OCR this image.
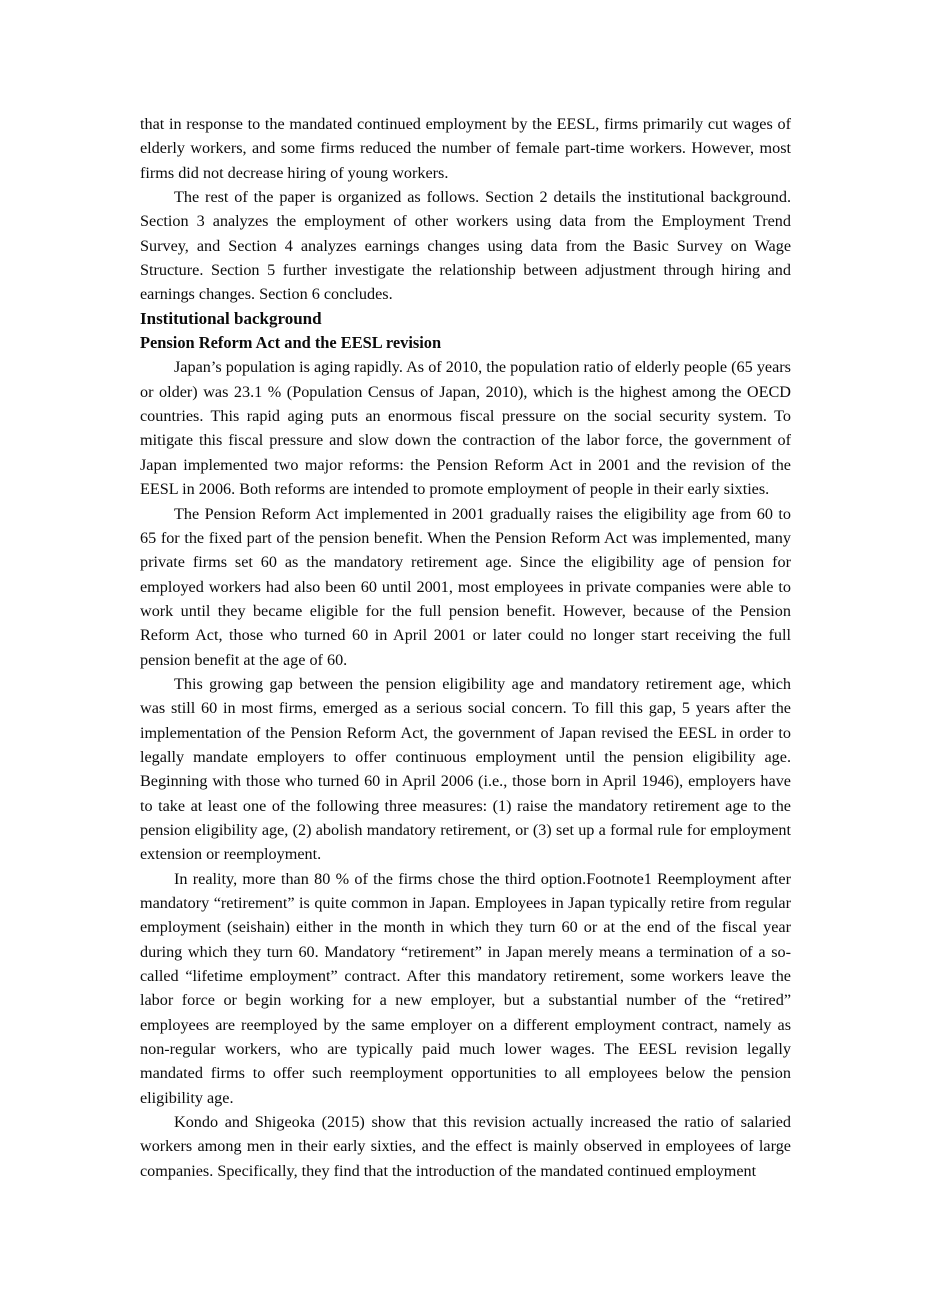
that in response to the mandated continued employment by the EESL, firms primarily cut wages of elderly workers, and some firms reduced the number of female part-time workers. However, most firms did not decrease hiring of young workers.

The rest of the paper is organized as follows. Section 2 details the institutional background. Section 3 analyzes the employment of other workers using data from the Employment Trend Survey, and Section 4 analyzes earnings changes using data from the Basic Survey on Wage Structure. Section 5 further investigate the relationship between adjustment through hiring and earnings changes. Section 6 concludes.

Institutional background
Pension Reform Act and the EESL revision

Japan’s population is aging rapidly. As of 2010, the population ratio of elderly people (65 years or older) was 23.1 % (Population Census of Japan, 2010), which is the highest among the OECD countries. This rapid aging puts an enormous fiscal pressure on the social security system. To mitigate this fiscal pressure and slow down the contraction of the labor force, the government of Japan implemented two major reforms: the Pension Reform Act in 2001 and the revision of the EESL in 2006. Both reforms are intended to promote employment of people in their early sixties.

The Pension Reform Act implemented in 2001 gradually raises the eligibility age from 60 to 65 for the fixed part of the pension benefit. When the Pension Reform Act was implemented, many private firms set 60 as the mandatory retirement age. Since the eligibility age of pension for employed workers had also been 60 until 2001, most employees in private companies were able to work until they became eligible for the full pension benefit. However, because of the Pension Reform Act, those who turned 60 in April 2001 or later could no longer start receiving the full pension benefit at the age of 60.

This growing gap between the pension eligibility age and mandatory retirement age, which was still 60 in most firms, emerged as a serious social concern. To fill this gap, 5 years after the implementation of the Pension Reform Act, the government of Japan revised the EESL in order to legally mandate employers to offer continuous employment until the pension eligibility age. Beginning with those who turned 60 in April 2006 (i.e., those born in April 1946), employers have to take at least one of the following three measures: (1) raise the mandatory retirement age to the pension eligibility age, (2) abolish mandatory retirement, or (3) set up a formal rule for employment extension or reemployment.

In reality, more than 80 % of the firms chose the third option.Footnote1 Reemployment after mandatory “retirement” is quite common in Japan. Employees in Japan typically retire from regular employment (seishain) either in the month in which they turn 60 or at the end of the fiscal year during which they turn 60. Mandatory “retirement” in Japan merely means a termination of a so-called “lifetime employment” contract. After this mandatory retirement, some workers leave the labor force or begin working for a new employer, but a substantial number of the “retired” employees are reemployed by the same employer on a different employment contract, namely as non-regular workers, who are typically paid much lower wages. The EESL revision legally mandated firms to offer such reemployment opportunities to all employees below the pension eligibility age.

Kondo and Shigeoka (2015) show that this revision actually increased the ratio of salaried workers among men in their early sixties, and the effect is mainly observed in employees of large companies. Specifically, they find that the introduction of the mandated continued employment
